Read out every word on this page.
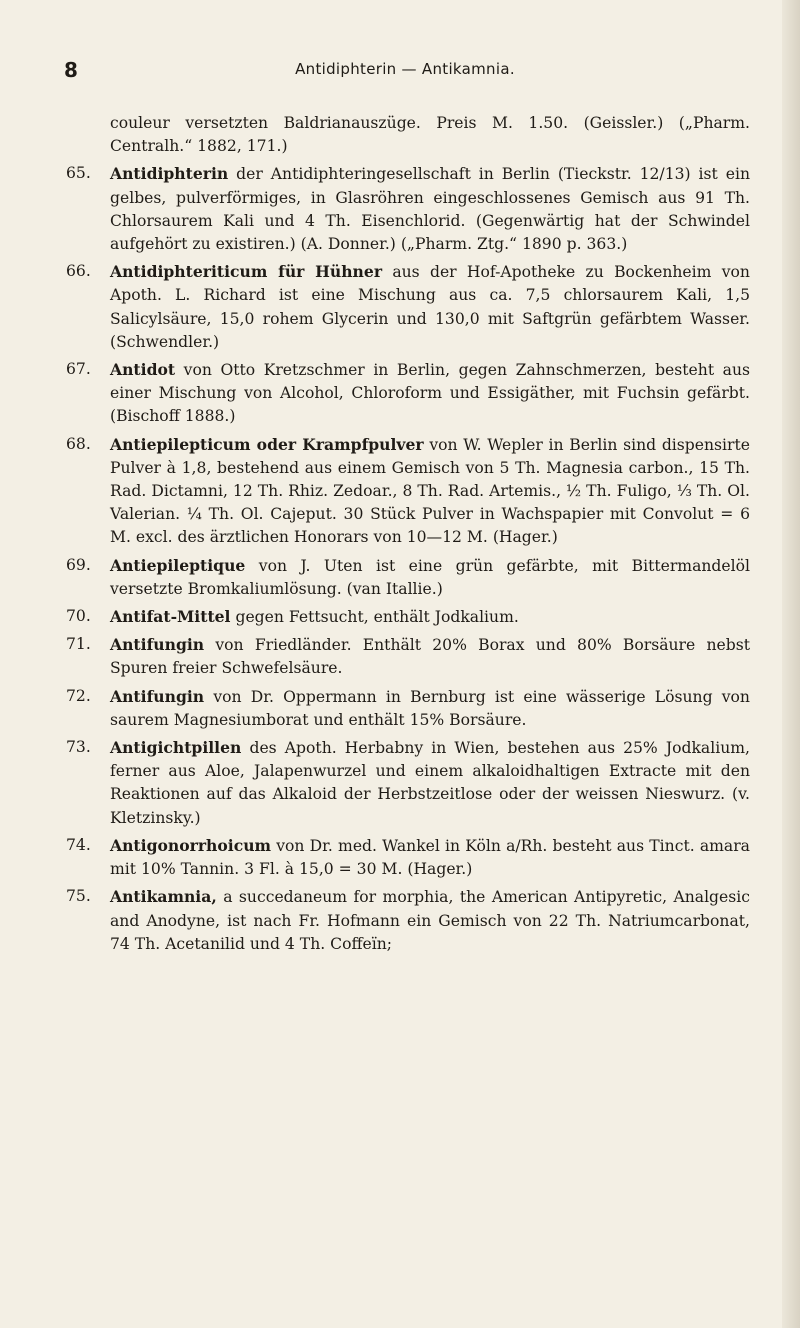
8	Antidiphterin — Antikamnia.

couleur versetzten Baldrianauszüge. Preis M. 1.50. (Geissler.) („Pharm. Centralh.“ 1882, 171.)

65. Antidiphterin der Antidiphteringesellschaft in Berlin (Tieckstr. 12/13) ist ein gelbes, pulverförmiges, in Glasröhren eingeschlossenes Gemisch aus 91 Th. Chlorsaurem Kali und 4 Th. Eisenchlorid. (Gegenwärtig hat der Schwindel aufgehört zu existiren.) (A. Donner.) („Pharm. Ztg.“ 1890 p. 363.)

66. Antidiphteriticum für Hühner aus der Hof-Apotheke zu Bockenheim von Apoth. L. Richard ist eine Mischung aus ca. 7,5 chlorsaurem Kali, 1,5 Salicylsäure, 15,0 rohem Glycerin und 130,0 mit Saftgrün gefärbtem Wasser. (Schwendler.)

67. Antidot von Otto Kretzschmer in Berlin, gegen Zahnschmerzen, besteht aus einer Mischung von Alcohol, Chloroform und Essigäther, mit Fuchsin gefärbt. (Bischoff 1888.)

68. Antiepilepticum oder Krampfpulver von W. Wepler in Berlin sind dispensirte Pulver à 1,8, bestehend aus einem Gemisch von 5 Th. Magnesia carbon., 15 Th. Rad. Dictamni, 12 Th. Rhiz. Zedoar., 8 Th. Rad. Artemis., ½ Th. Fuligo, ⅓ Th. Ol. Valerian. ¼ Th. Ol. Cajeput. 30 Stück Pulver in Wachspapier mit Convolut = 6 M. excl. des ärztlichen Honorars von 10—12 M. (Hager.)

69. Antiepileptique von J. Uten ist eine grün gefärbte, mit Bittermandelöl versetzte Bromkaliumlösung. (van Itallie.)

70. Antifat-Mittel gegen Fettsucht, enthält Jodkalium.

71. Antifungin von Friedländer. Enthält 20% Borax und 80% Borsäure nebst Spuren freier Schwefelsäure.

72. Antifungin von Dr. Oppermann in Bernburg ist eine wässerige Lösung von saurem Magnesiumborat und enthält 15% Borsäure.

73. Antigichtpillen des Apoth. Herbabny in Wien, bestehen aus 25% Jodkalium, ferner aus Aloe, Jalapenwurzel und einem alkaloidhaltigen Extracte mit den Reaktionen auf das Alkaloid der Herbstzeitlose oder der weissen Nieswurz. (v. Kletzinsky.)

74. Antigonorrhoicum von Dr. med. Wankel in Köln a/Rh. besteht aus Tinct. amara mit 10% Tannin. 3 Fl. à 15,0 = 30 M. (Hager.)

75. Antikamnia, a succedaneum for morphia, the American Antipyretic, Analgesic and Anodyne, ist nach Fr. Hofmann ein Gemisch von 22 Th. Natriumcarbonat, 74 Th. Acetanilid und 4 Th. Coffeïn;
